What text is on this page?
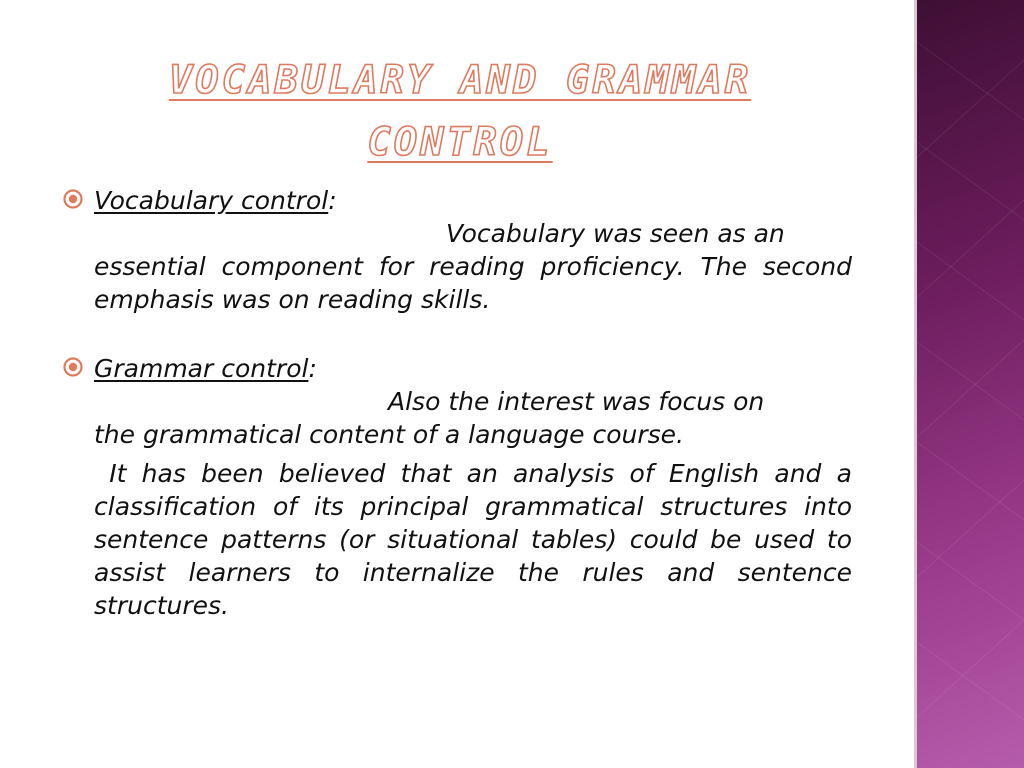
VOCABULARY AND GRAMMAR
CONTROL

Vocabulary control:

Vocabulary was seen as an

essential component for reading proficiency. The second emphasis was on reading skills.

Grammar control:

Also the interest was focus on

the grammatical content of a language course.

It has been believed that an analysis of English and a classification of its principal grammatical structures into sentence patterns (or situational tables) could be used to assist learners to internalize the rules and sentence structures.
